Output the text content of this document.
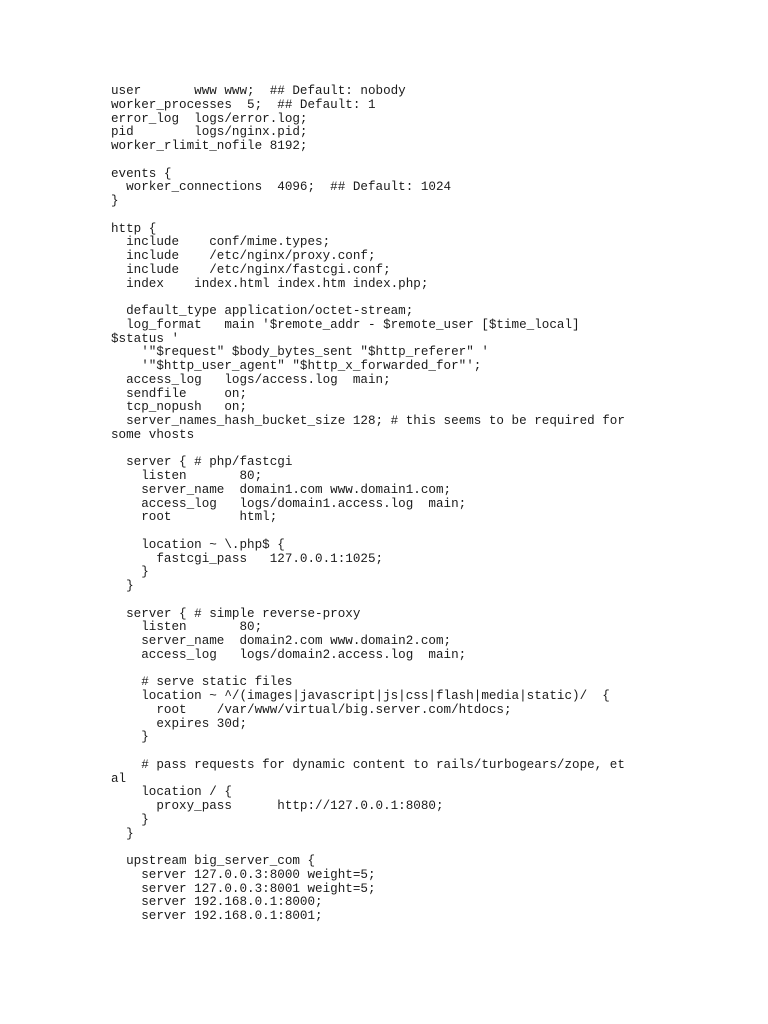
user       www www;  ## Default: nobody
worker_processes  5;  ## Default: 1
error_log  logs/error.log;
pid        logs/nginx.pid;
worker_rlimit_nofile 8192;
events {
worker_connections  4096;  ## Default: 1024
}
http {
include    conf/mime.types;
include    /etc/nginx/proxy.conf;
include    /etc/nginx/fastcgi.conf;
index    index.html index.htm index.php;
default_type application/octet-stream;
log_format   main '$remote_addr - $remote_user [$time_local]
$status '
'"$request" $body_bytes_sent "$http_referer" '
'"$http_user_agent" "$http_x_forwarded_for"';
access_log   logs/access.log  main;
sendfile     on;
tcp_nopush   on;
server_names_hash_bucket_size 128; # this seems to be required for
some vhosts
server { # php/fastcgi
listen       80;
server_name  domain1.com www.domain1.com;
access_log   logs/domain1.access.log  main;
root         html;
location ~ \.php$ {
fastcgi_pass   127.0.0.1:1025;
}
}
server { # simple reverse-proxy
listen       80;
server_name  domain2.com www.domain2.com;
access_log   logs/domain2.access.log  main;
# serve static files
location ~ ^/(images|javascript|js|css|flash|media|static)/  {
root    /var/www/virtual/big.server.com/htdocs;
expires 30d;
}
# pass requests for dynamic content to rails/turbogears/zope, et
al
location / {
proxy_pass      http://127.0.0.1:8080;
}
}
upstream big_server_com {
server 127.0.0.3:8000 weight=5;
server 127.0.0.3:8001 weight=5;
server 192.168.0.1:8000;
server 192.168.0.1:8001;
